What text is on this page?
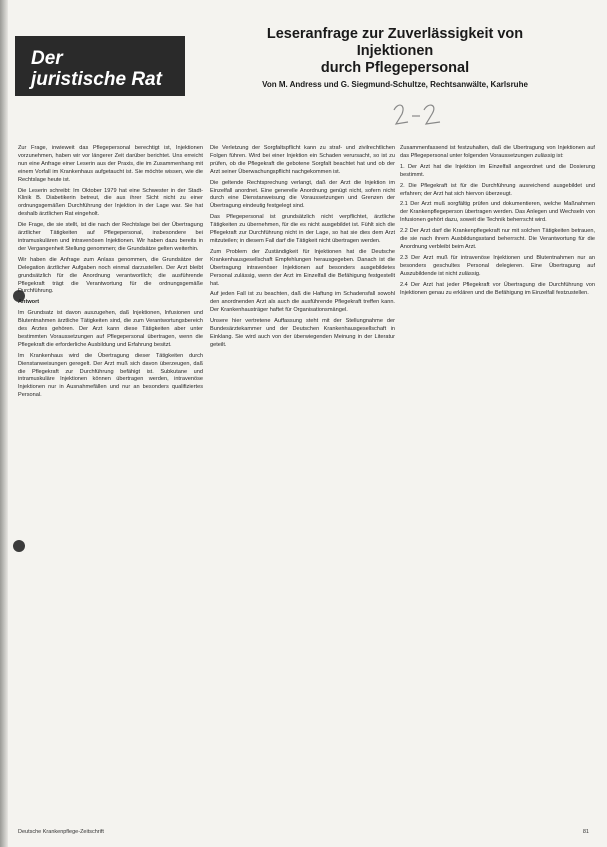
Der
juristische Rat
Leseranfrage zur Zuverlässigkeit von Injektionen
durch Pflegepersonal
Von M. Andress und G. Siegmund-Schultze, Rechtsanwälte, Karlsruhe

Zur Frage, inwieweit das Pflegepersonal berechtigt ist, Injektionen vorzunehmen, haben wir vor längerer Zeit darüber berichtet. Uns erreicht nun eine Anfrage einer Leserin aus der Praxis, die im Zusammenhang mit einem Vorfall im Krankenhaus aufgetaucht ist. Sie möchte wissen, wie die Rechtslage heute ist.

Die Leserin schreibt: Im Oktober 1979 hat eine Schwester in der Stadt-Klinik B. Diabetikerin betreut, die aus ihrer Sicht nicht zu einer ordnungsgemäßen Durchführung der Injektion in der Lage war. Sie hat deshalb ärztlichen Rat eingeholt.

Die Frage, die sie stellt, ist die nach der Rechtslage bei der Übertragung ärztlicher Tätigkeiten auf Pflegepersonal, insbesondere bei intramuskulären und intravenösen Injektionen. Wir haben dazu bereits in der Vergangenheit Stellung genommen; die Grundsätze gelten weiterhin.

Wir haben die Anfrage zum Anlass genommen, die Grundsätze der Delegation ärztlicher Aufgaben noch einmal darzustellen. Der Arzt bleibt grundsätzlich für die Anordnung verantwortlich; die ausführende Pflegekraft trägt die Verantwortung für die ordnungsgemäße Durchführung.

Antwort

Im Grundsatz ist davon auszugehen, daß Injektionen, Infusionen und Blutentnahmen ärztliche Tätigkeiten sind, die zum Verantwortungsbereich des Arztes gehören. Der Arzt kann diese Tätigkeiten aber unter bestimmten Voraussetzungen auf Pflegepersonal übertragen, wenn die Pflegekraft die erforderliche Ausbildung und Erfahrung besitzt.

Im Krankenhaus wird die Übertragung dieser Tätigkeiten durch Dienstanweisungen geregelt. Der Arzt muß sich davon überzeugen, daß die Pflegekraft zur Durchführung befähigt ist. Subkutane und intramuskuläre Injektionen können übertragen werden, intravenöse Injektionen nur in Ausnahmefällen und nur an besonders qualifiziertes Personal.

Die Verletzung der Sorgfaltspflicht kann zu straf- und zivilrechtlichen Folgen führen. Wird bei einer Injektion ein Schaden verursacht, so ist zu prüfen, ob die Pflegekraft die gebotene Sorgfalt beachtet hat und ob der Arzt seiner Überwachungspflicht nachgekommen ist.

Die geltende Rechtsprechung verlangt, daß der Arzt die Injektion im Einzelfall anordnet. Eine generelle Anordnung genügt nicht, sofern nicht durch eine Dienstanweisung die Voraussetzungen und Grenzen der Übertragung eindeutig festgelegt sind.

Das Pflegepersonal ist grundsätzlich nicht verpflichtet, ärztliche Tätigkeiten zu übernehmen, für die es nicht ausgebildet ist. Fühlt sich die Pflegekraft zur Durchführung nicht in der Lage, so hat sie dies dem Arzt mitzuteilen; in diesem Fall darf die Tätigkeit nicht übertragen werden.

Zum Problem der Zuständigkeit für Injektionen hat die Deutsche Krankenhausgesellschaft Empfehlungen herausgegeben. Danach ist die Übertragung intravenöser Injektionen auf besonders ausgebildetes Personal zulässig, wenn der Arzt im Einzelfall die Befähigung festgestellt hat.

Auf jeden Fall ist zu beachten, daß die Haftung im Schadensfall sowohl den anordnenden Arzt als auch die ausführende Pflegekraft treffen kann. Der Krankenhausträger haftet für Organisationsmängel.

Unsere hier vertretene Auffassung steht mit der Stellungnahme der Bundesärztekammer und der Deutschen Krankenhausgesellschaft in Einklang. Sie wird auch von der überwiegenden Meinung in der Literatur geteilt.

Zusammenfassend ist festzuhalten, daß die Übertragung von Injektionen auf das Pflegepersonal unter folgenden Voraussetzungen zulässig ist:

1. Der Arzt hat die Injektion im Einzelfall angeordnet und die Dosierung bestimmt.

2. Die Pflegekraft ist für die Durchführung ausreichend ausgebildet und erfahren; der Arzt hat sich hiervon überzeugt.

2.1 Der Arzt muß sorgfältig prüfen und dokumentieren, welche Maßnahmen der Krankenpflegeperson übertragen werden. Das Anlegen und Wechseln von Infusionen gehört dazu, soweit die Technik beherrscht wird.

2.2 Der Arzt darf die Krankenpflegekraft nur mit solchen Tätigkeiten betrauen, die sie nach ihrem Ausbildungsstand beherrscht. Die Verantwortung für die Anordnung verbleibt beim Arzt.

2.3 Der Arzt muß für intravenöse Injektionen und Blutentnahmen nur an besonders geschultes Personal delegieren. Eine Übertragung auf Auszubildende ist nicht zulässig.

2.4 Der Arzt hat jeder Pflegekraft vor Übertragung die Durchführung von Injektionen genau zu erklären und die Befähigung im Einzelfall festzustellen.

Deutsche Krankenpflege-Zeitschrift	81
